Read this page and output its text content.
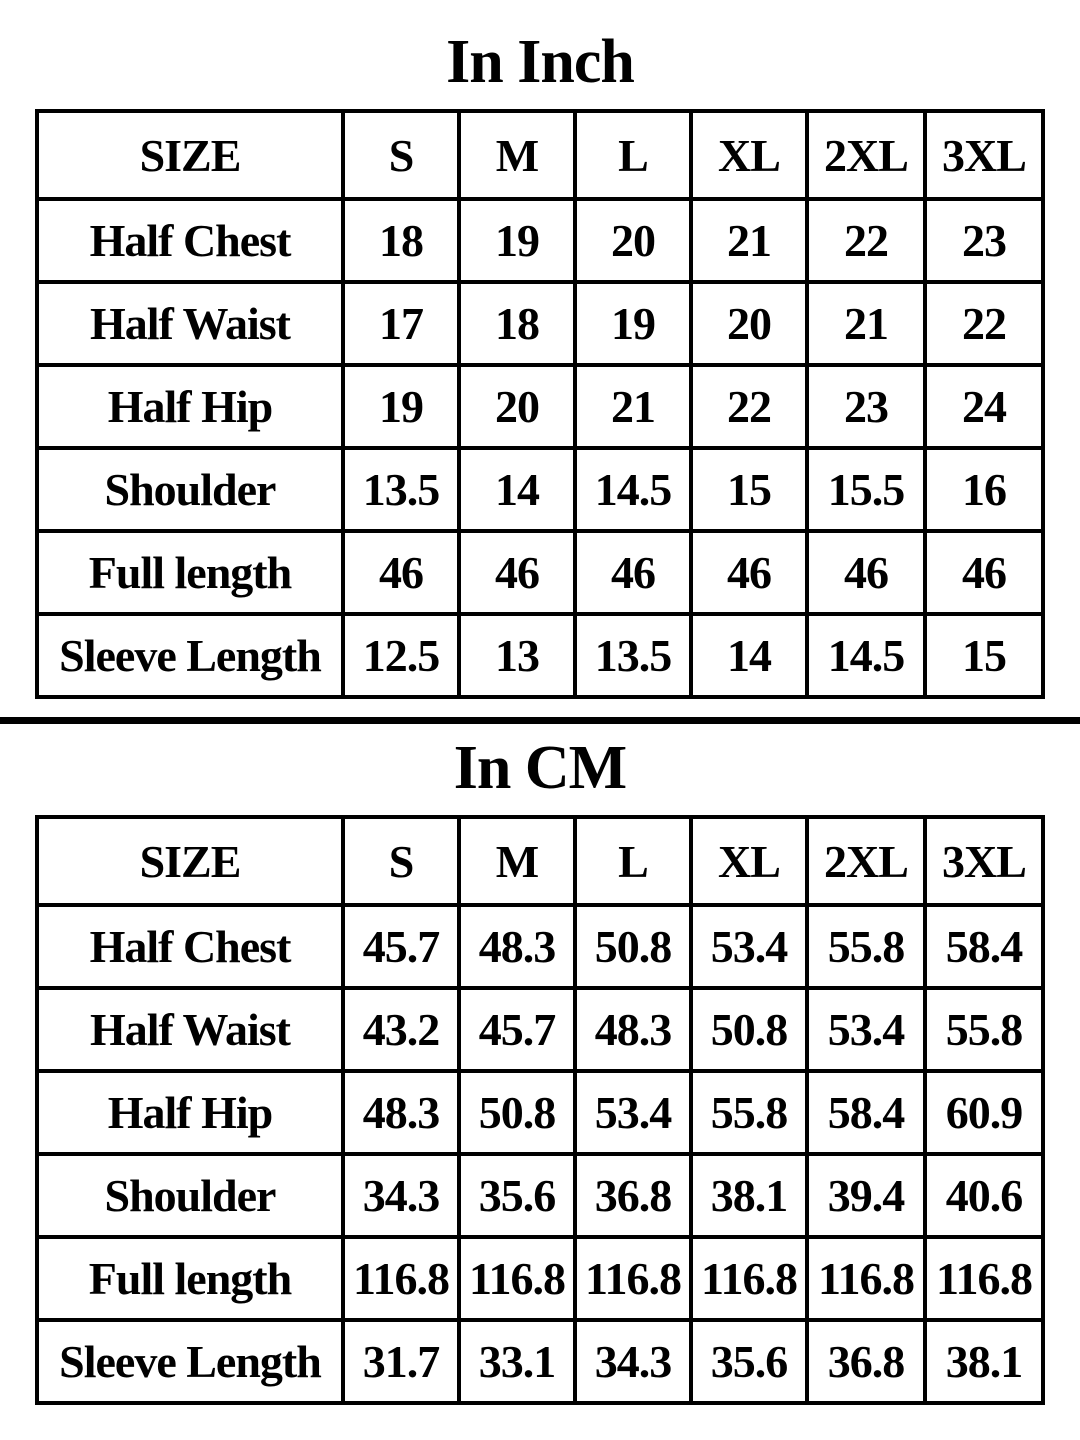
In Inch
SIZE	S	M	L	XL	2XL	3XL
Half Chest	18	19	20	21	22	23
Half Waist	17	18	19	20	21	22
Half Hip	19	20	21	22	23	24
Shoulder	13.5	14	14.5	15	15.5	16
Full length	46	46	46	46	46	46
Sleeve Length	12.5	13	13.5	14	14.5	15
In CM
SIZE	S	M	L	XL	2XL	3XL
Half Chest	45.7	48.3	50.8	53.4	55.8	58.4
Half Waist	43.2	45.7	48.3	50.8	53.4	55.8
Half Hip	48.3	50.8	53.4	55.8	58.4	60.9
Shoulder	34.3	35.6	36.8	38.1	39.4	40.6
Full length	116.8	116.8	116.8	116.8	116.8	116.8
Sleeve Length	31.7	33.1	34.3	35.6	36.8	38.1
